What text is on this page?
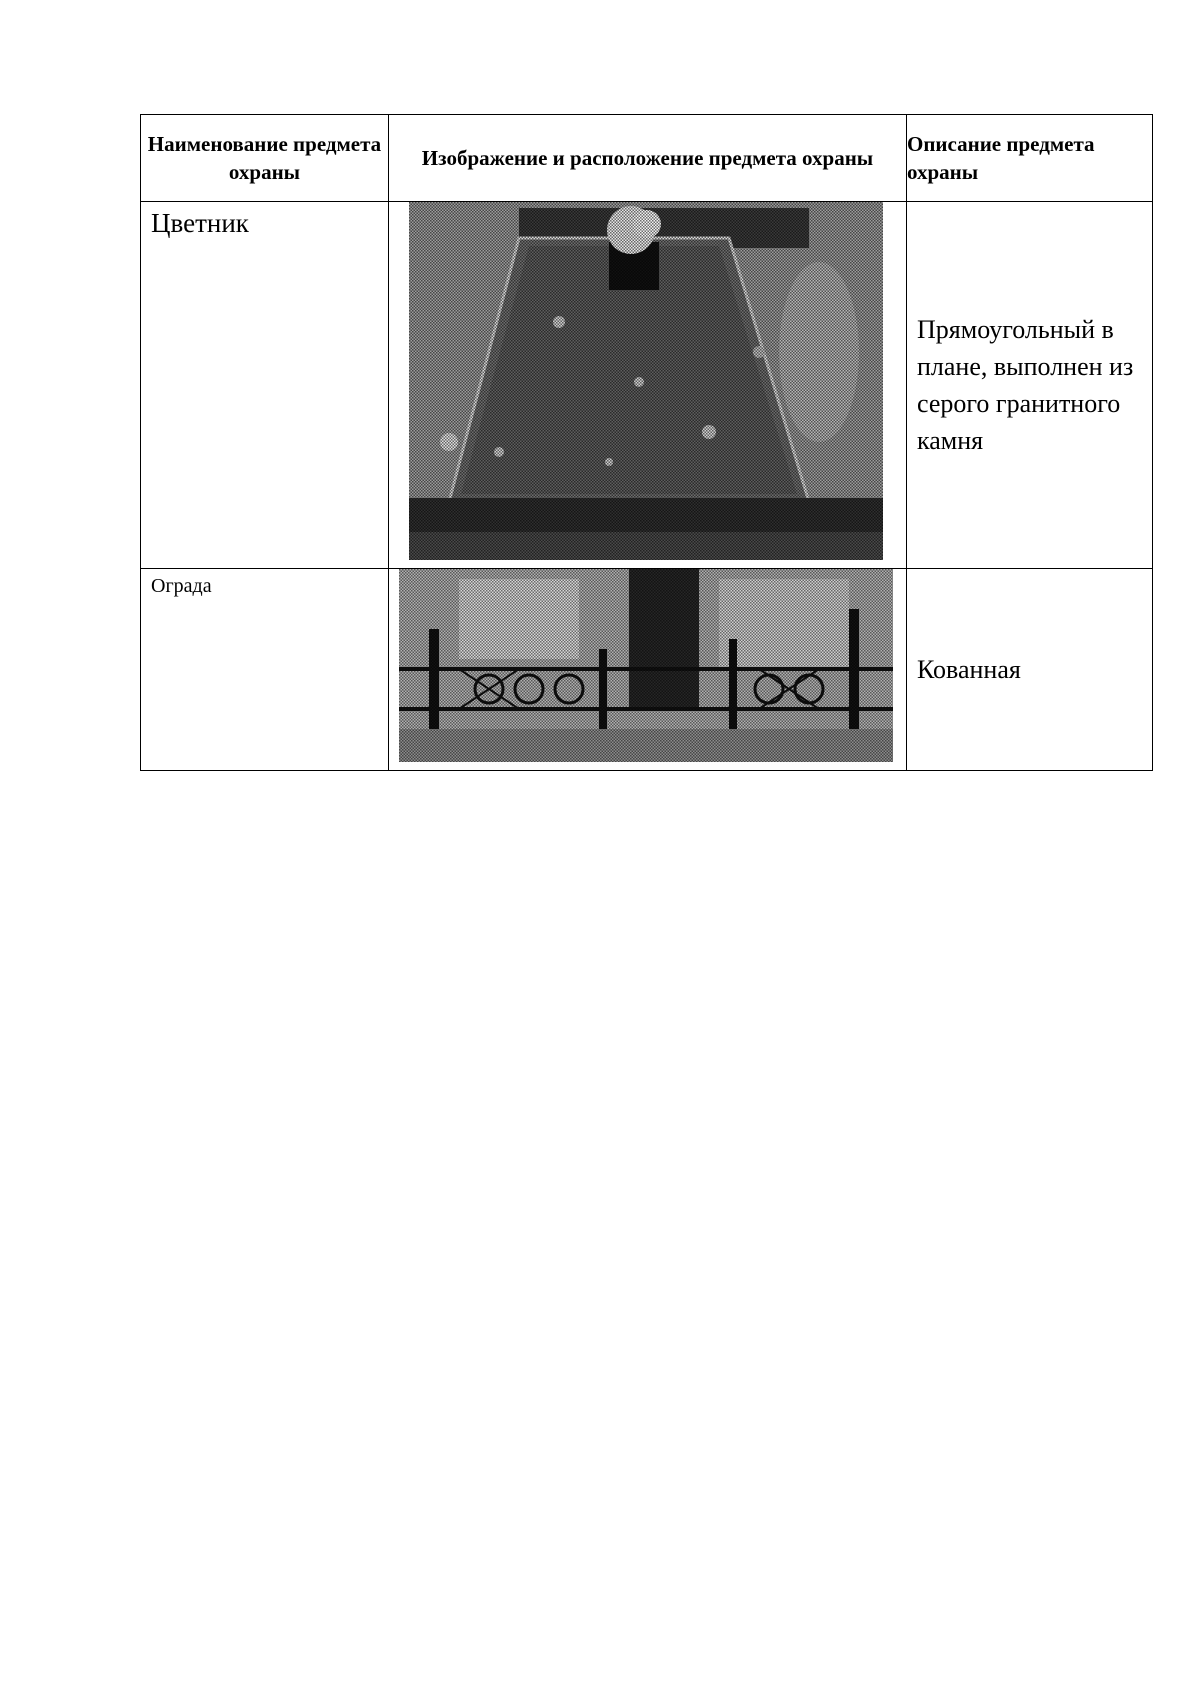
Наименование предмета охраны	Изображение и расположение предмета охраны	Описание предмета охраны
Цветник		Прямоугольный в плане, выполнен из серого гранитного камня
Ограда		Кованная
